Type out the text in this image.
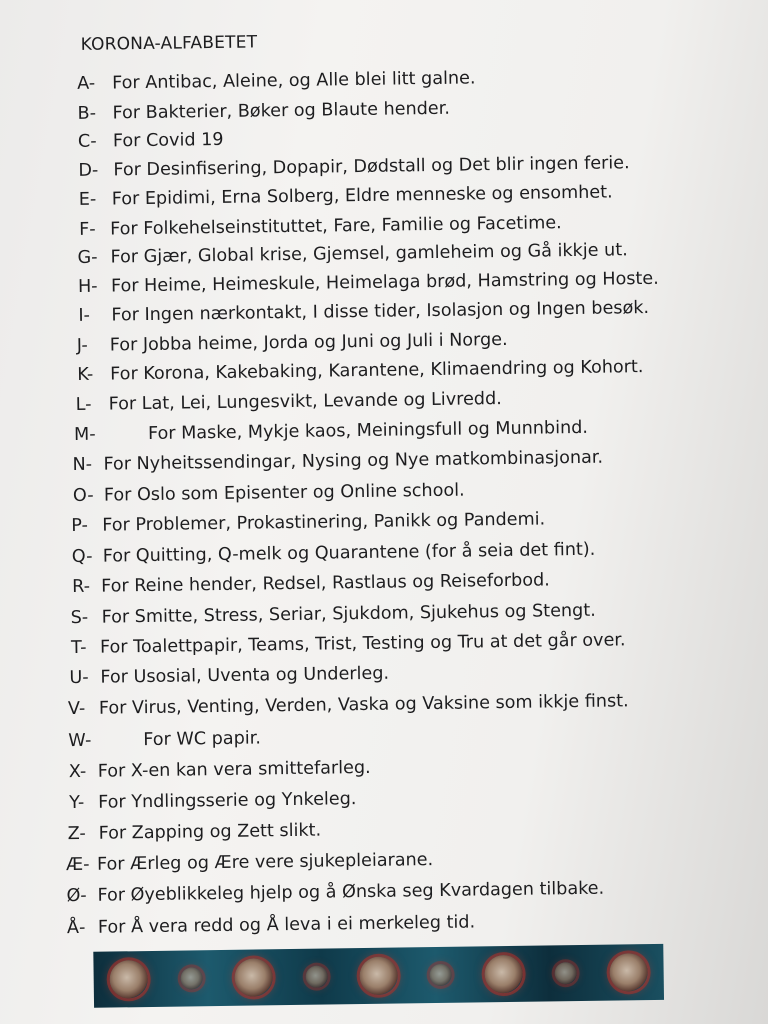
KORONA-ALFABETET
A- For Antibac, Aleine, og Alle blei litt galne.
B- For Bakterier, Bøker og Blaute hender.
C- For Covid 19
D- For Desinfisering, Dopapir, Dødstall og Det blir ingen ferie.
E- For Epidimi, Erna Solberg, Eldre menneske og ensomhet.
F- For Folkehelseinstituttet, Fare, Familie og Facetime.
G- For Gjær, Global krise, Gjemsel, gamleheim og Gå ikkje ut.
H- For Heime, Heimeskule, Heimelaga brød, Hamstring og Hoste.
I- For Ingen nærkontakt, I disse tider, Isolasjon og Ingen besøk.
J- For Jobba heime, Jorda og Juni og Juli i Norge.
K- For Korona, Kakebaking, Karantene, Klimaendring og Kohort.
L- For Lat, Lei, Lungesvikt, Levande og Livredd.
M-	For Maske, Mykje kaos, Meiningsfull og Munnbind.
N- For Nyheitssendingar, Nysing og Nye matkombinasjonar.
O- For Oslo som Episenter og Online school.
P- For Problemer, Prokastinering, Panikk og Pandemi.
Q- For Quitting, Q-melk og Quarantene (for å seia det fint).
R- For Reine hender, Redsel, Rastlaus og Reiseforbod.
S- For Smitte, Stress, Seriar, Sjukdom, Sjukehus og Stengt.
T- For Toalettpapir, Teams, Trist, Testing og Tru at det går over.
U- For Usosial, Uventa og Underleg.
V- For Virus, Venting, Verden, Vaska og Vaksine som ikkje finst.
W-	For WC papir.
X- For X-en kan vera smittefarleg.
Y- For Yndlingsserie og Ynkeleg.
Z- For Zapping og Zett slikt.
Æ- For Ærleg og Ære vere sjukepleiarane.
Ø- For Øyeblikkeleg hjelp og å Ønska seg Kvardagen tilbake.
Å- For Å vera redd og Å leva i ei merkeleg tid.
